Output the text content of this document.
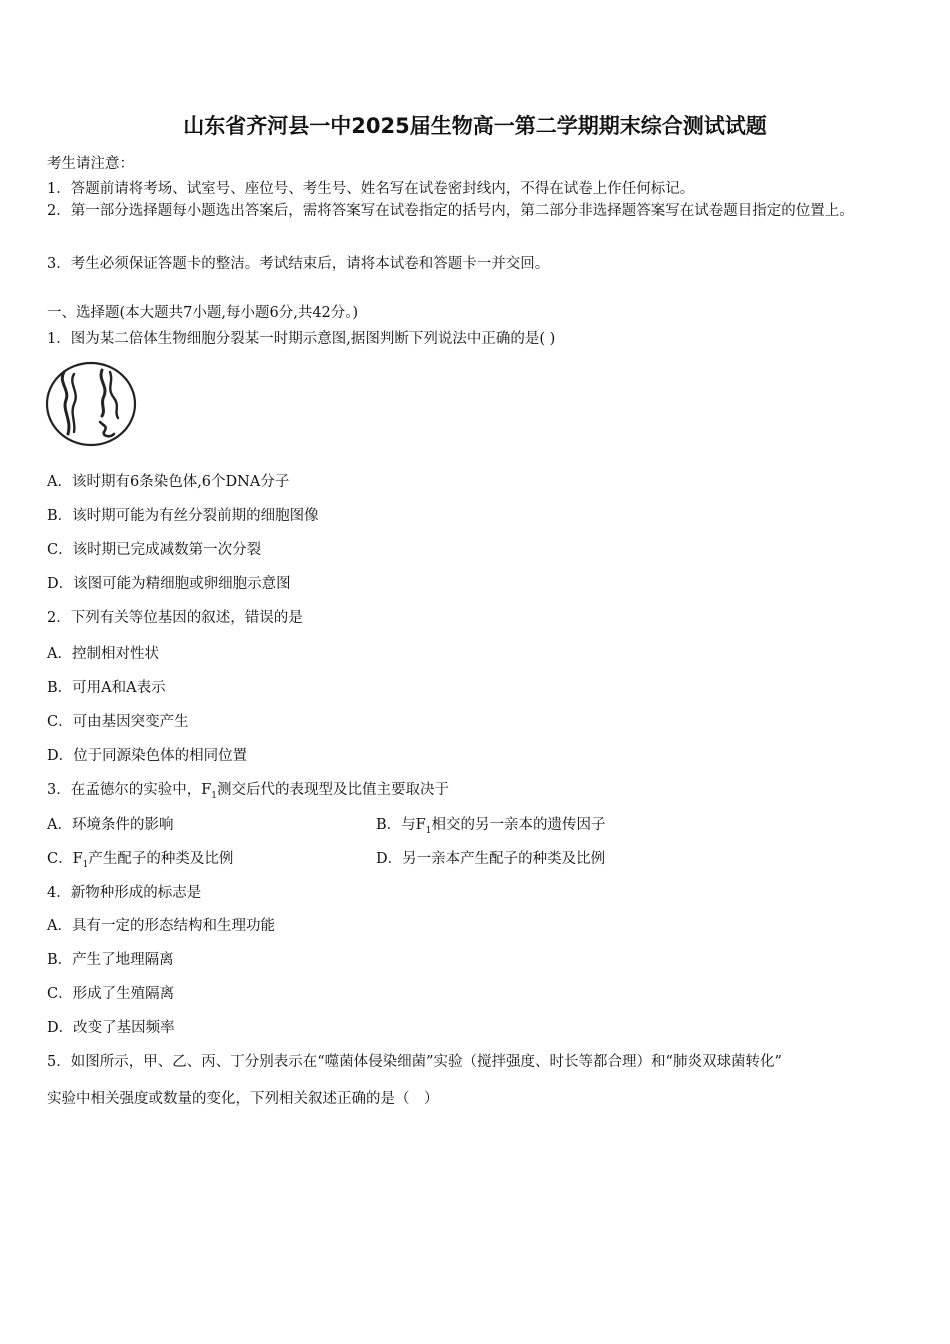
山东省齐河县一中2025届生物高一第二学期期末综合测试试题
考生请注意：
1．答题前请将考场、试室号、座位号、考生号、姓名写在试卷密封线内，不得在试卷上作任何标记。
2．第一部分选择题每小题选出答案后，需将答案写在试卷指定的括号内，第二部分非选择题答案写在试卷题目指定的位置上。
3．考生必须保证答题卡的整洁。考试结束后，请将本试卷和答题卡一并交回。
一、选择题(本大题共7小题,每小题6分,共42分。)
1．图为某二倍体生物细胞分裂某一时期示意图,据图判断下列说法中正确的是( )
A．该时期有6条染色体,6个DNA分子
B．该时期可能为有丝分裂前期的细胞图像
C．该时期已完成减数第一次分裂
D．该图可能为精细胞或卵细胞示意图
2．下列有关等位基因的叙述，错误的是
A．控制相对性状
B．可用A和A表示
C．可由基因突变产生
D．位于同源染色体的相同位置
3．在孟德尔的实验中，$F_1$测交后代的表现型及比值主要取决于
A．环境条件的影响	B．与$F_1$相交的另一亲本的遗传因子
C．$F_1$产生配子的种类及比例	D．另一亲本产生配子的种类及比例
4．新物种形成的标志是
A．具有一定的形态结构和生理功能
B．产生了地理隔离
C．形成了生殖隔离
D．改变了基因频率
5．如图所示，甲、乙、丙、丁分别表示在“噬菌体侵染细菌”实验（搅拌强度、时长等都合理）和“肺炎双球菌转化”
实验中相关强度或数量的变化，下列相关叙述正确的是（　）
